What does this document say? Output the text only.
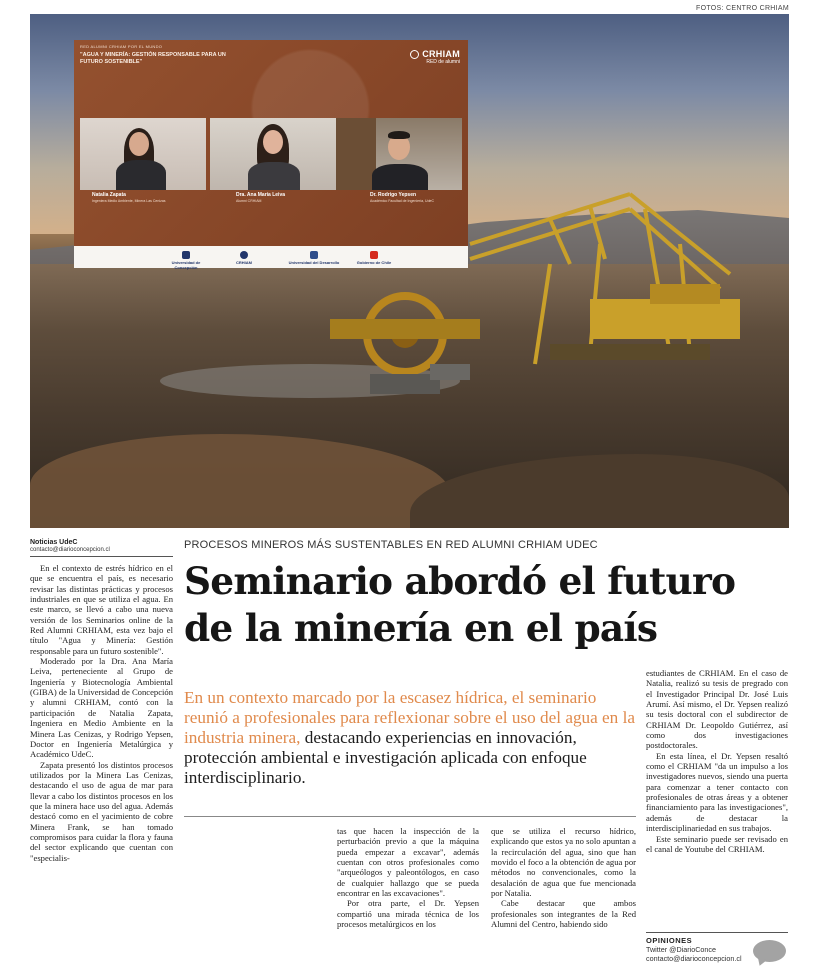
FOTOS: CENTRO CRHIAM
RED ALUMNI CRHIAM POR EL MUNDO
"AGUA Y MINERÍA: GESTIÓN RESPONSABLE PARA UN FUTURO SOSTENIBLE"
CRHIAM
RED de alumni
Natalia Zapata
Ingeniera Medio Ambiente, Minera Las Cenizas
Dra. Ana María Leiva
Alumni CRHIAM
Dr. Rodrigo Yepsen
Académico Facultad de Ingeniería, UdeC
Universidad de Concepción
CRHIAM	Universidad del Desarrollo	Gobierno de Chile
Noticias UdeC
contacto@diarioconcepcion.cl

En el contexto de estrés hídrico en el que se encuentra el país, es necesario revisar las distintas prácticas y procesos industriales en que se utiliza el agua. En este marco, se llevó a cabo una nueva versión de los Seminarios online de la Red Alumni CRHIAM, esta vez bajo el título "Agua y Minería: Gestión responsable para un futuro sostenible".

Moderado por la Dra. Ana María Leiva, perteneciente al Grupo de Ingeniería y Biotecnología Ambiental (GIBA) de la Universidad de Concepción y alumni CRHIAM, contó con la participación de Natalia Zapata, Ingeniera en Medio Ambiente en la Minera Las Cenizas, y Rodrigo Yepsen, Doctor en Ingeniería Metalúrgica y Académico UdeC.

Zapata presentó los distintos procesos utilizados por la Minera Las Cenizas, destacando el uso de agua de mar para llevar a cabo los distintos procesos en los que la minera hace uso del agua. Además destacó como en el yacimiento de cobre Minera Frank, se han tomado compromisos para cuidar la flora y fauna del sector explicando que cuentan con "especialis-

PROCESOS MINEROS MÁS SUSTENTABLES EN RED ALUMNI CRHIAM UDEC
Seminario abordó el futuro de la minería en el país
En un contexto marcado por la escasez hídrica, el seminario reunió a profesionales para reflexionar sobre el uso del agua en la industria minera, destacando experiencias en innovación, protección ambiental e investigación aplicada con enfoque interdisciplinario.

estudiantes de CRHIAM. En el caso de Natalia, realizó su tesis de pregrado con el Investigador Principal Dr. José Luis Arumí. Así mismo, el Dr. Yepsen realizó su tesis doctoral con el subdirector de CRHIAM Dr. Leopoldo Gutiérrez, así como dos investigaciones postdoctorales.

En esta línea, el Dr. Yepsen resaltó como el CRHIAM "da un impulso a los investigadores nuevos, siendo una puerta para comenzar a tener contacto con profesionales de otras áreas y a obtener financiamiento para las investigaciones", además de destacar la interdisciplinariedad en sus trabajos.

Este seminario puede ser revisado en el canal de Youtube del CRHIAM.

tas que hacen la inspección de la perturbación previo a que la máquina pueda empezar a excavar", además cuentan con otros profesionales como "arqueólogos y paleontólogos, en caso de cualquier hallazgo que se pueda encontrar en las excavaciones".

Por otra parte, el Dr. Yepsen compartió una mirada técnica de los procesos metalúrgicos en los

que se utiliza el recurso hídrico, explicando que estos ya no solo apuntan a la recirculación del agua, sino que han movido el foco a la obtención de agua por métodos no convencionales, como la desalación de agua que fue mencionada por Natalia.

Cabe destacar que ambos profesionales son integrantes de la Red Alumni del Centro, habiendo sido

OPINIONES
Twitter @DiarioConce
contacto@diarioconcepcion.cl
